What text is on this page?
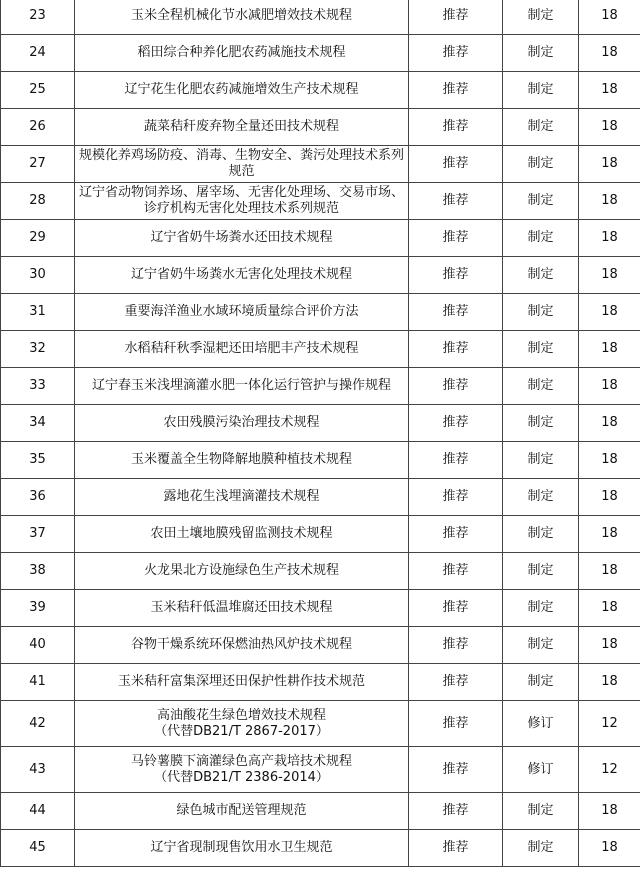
23	玉米全程机械化节水减肥增效技术规程	推荐	制定	18
24	稻田综合种养化肥农药减施技术规程	推荐	制定	18
25	辽宁花生化肥农药减施增效生产技术规程	推荐	制定	18
26	蔬菜秸秆废弃物全量还田技术规程	推荐	制定	18
27	规模化养鸡场防疫、消毒、生物安全、粪污处理技术系列规范	推荐	制定	18
28	辽宁省动物饲养场、屠宰场、无害化处理场、交易市场、诊疗机构无害化处理技术系列规范	推荐	制定	18
29	辽宁省奶牛场粪水还田技术规程	推荐	制定	18
30	辽宁省奶牛场粪水无害化处理技术规程	推荐	制定	18
31	重要海洋渔业水域环境质量综合评价方法	推荐	制定	18
32	水稻秸秆秋季湿耙还田培肥丰产技术规程	推荐	制定	18
33	辽宁春玉米浅埋滴灌水肥一体化运行管护与操作规程	推荐	制定	18
34	农田残膜污染治理技术规程	推荐	制定	18
35	玉米覆盖全生物降解地膜种植技术规程	推荐	制定	18
36	露地花生浅埋滴灌技术规程	推荐	制定	18
37	农田土壤地膜残留监测技术规程	推荐	制定	18
38	火龙果北方设施绿色生产技术规程	推荐	制定	18
39	玉米秸秆低温堆腐还田技术规程	推荐	制定	18
40	谷物干燥系统环保燃油热风炉技术规程	推荐	制定	18
41	玉米秸秆富集深埋还田保护性耕作技术规范	推荐	制定	18
42	高油酸花生绿色增效技术规程
（代替DB21/T 2867-2017）	推荐	修订	12
43	马铃薯膜下滴灌绿色高产栽培技术规程
（代替DB21/T 2386-2014）	推荐	修订	12
44	绿色城市配送管理规范	推荐	制定	18
45	辽宁省现制现售饮用水卫生规范	推荐	制定	18
